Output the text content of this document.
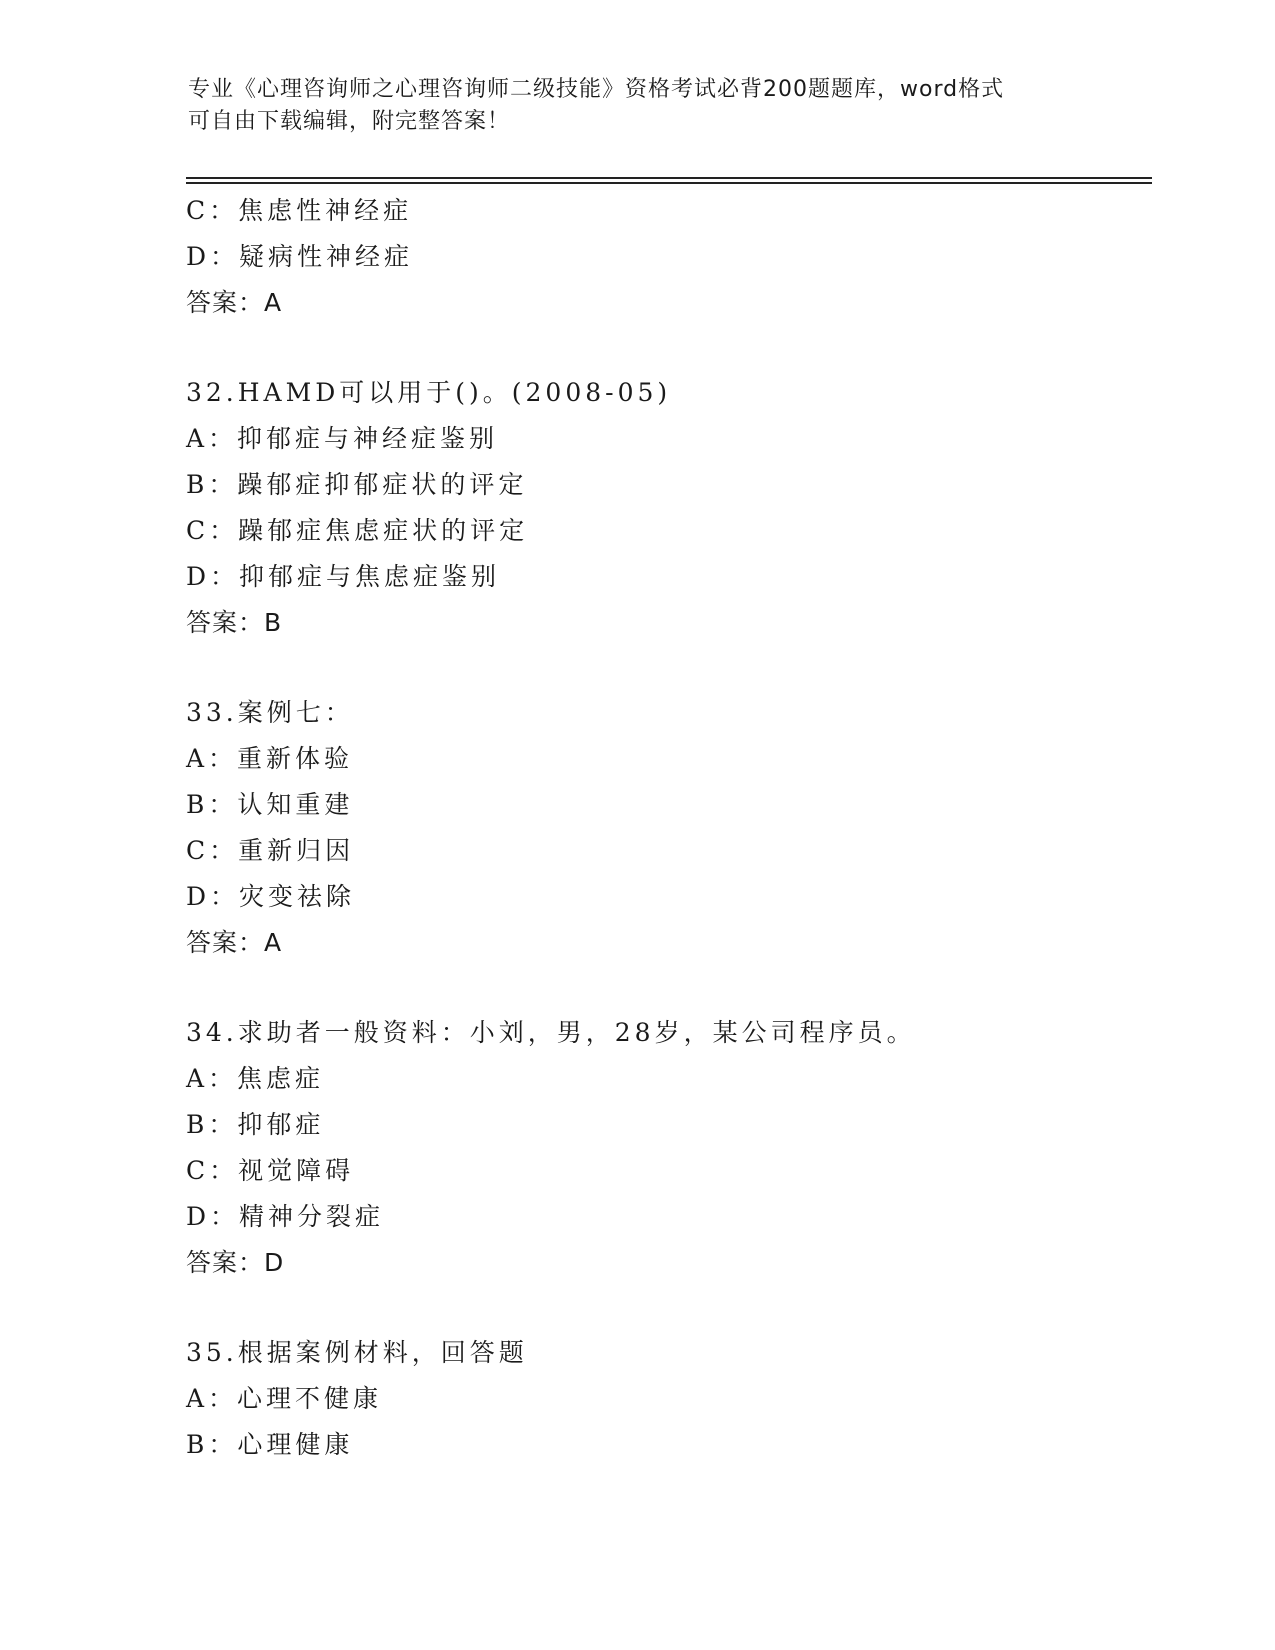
专业《心理咨询师之心理咨询师二级技能》资格考试必背200题题库，word格式
可自由下载编辑，附完整答案！
C：焦虑性神经症
D：疑病性神经症
答案：A
32.HAMD可以用于()。(2008-05)
A：抑郁症与神经症鉴别
B：躁郁症抑郁症状的评定
C：躁郁症焦虑症状的评定
D：抑郁症与焦虑症鉴别
答案：B
33.案例七：
A：重新体验
B：认知重建
C：重新归因
D：灾变祛除
答案：A
34.求助者一般资料：小刘，男，28岁，某公司程序员。
A：焦虑症
B：抑郁症
C：视觉障碍
D：精神分裂症
答案：D
35.根据案例材料，回答题
A：心理不健康
B：心理健康
